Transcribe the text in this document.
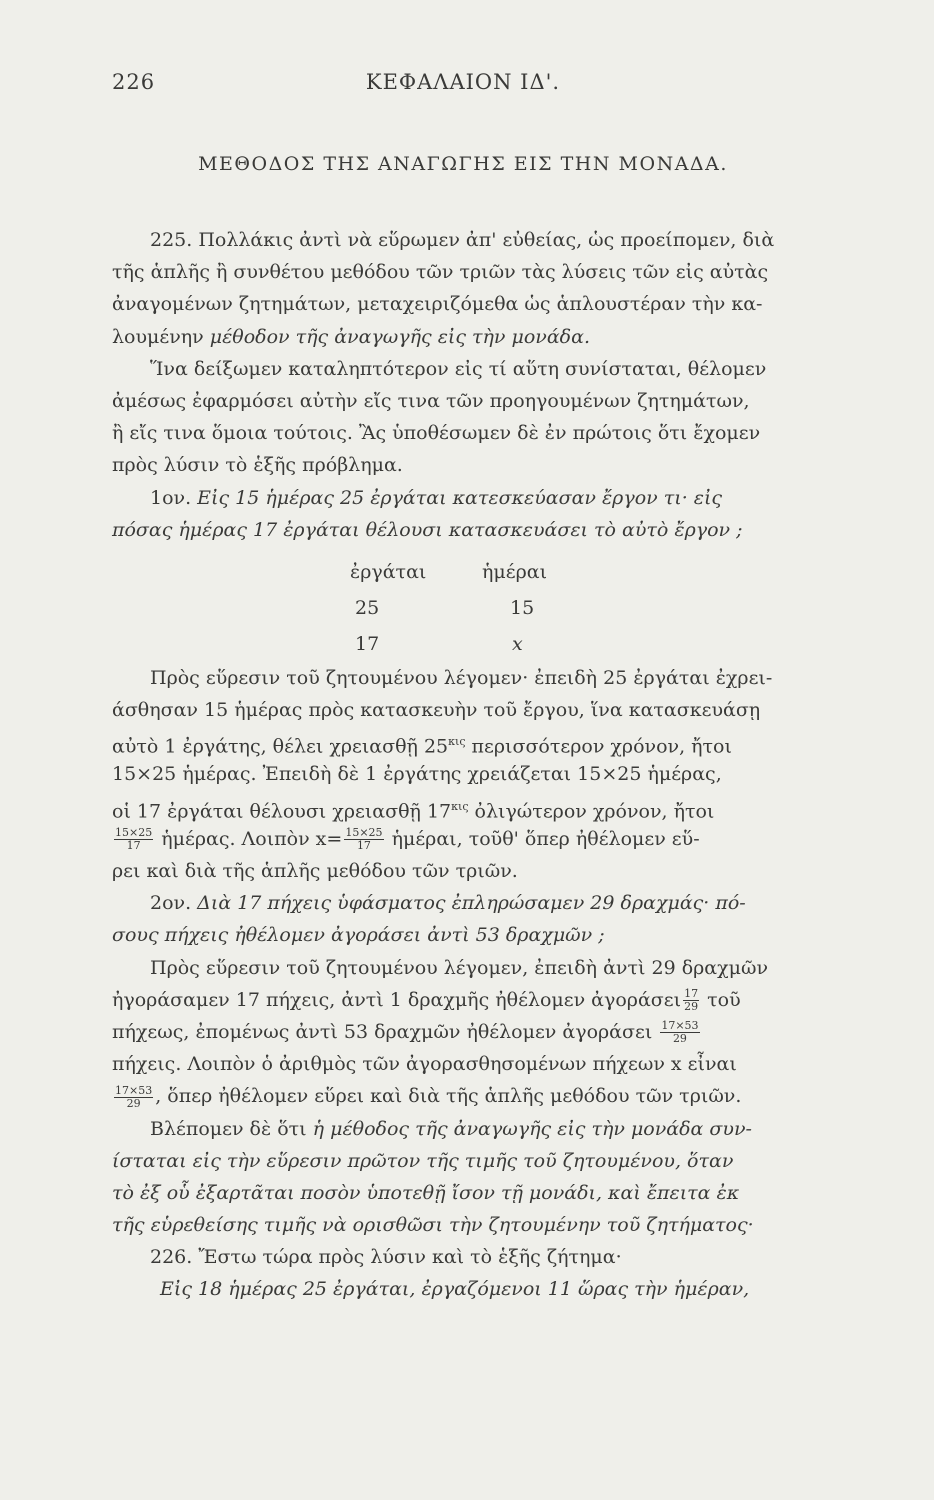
226	ΚΕΦΑΛΑΙΟΝ ΙΔ'.
ΜΕΘΟΔΟΣ ΤΗΣ ΑΝΑΓΩΓΗΣ ΕΙΣ ΤΗΝ ΜΟΝΑΔΑ.
225. Πολλάκις ἀντὶ νὰ εὕρωμεν ἀπ' εὐθείας, ὡς προείπομεν, διὰ
τῆς ἁπλῆς ἢ συνθέτου μεθόδου τῶν τριῶν τὰς λύσεις τῶν εἰς αὐτὰς
ἀναγομένων ζητημάτων, μεταχειριζόμεθα ὡς ἁπλουστέραν τὴν κα-
λουμένην μέθοδον τῆς ἀναγωγῆς εἰς τὴν μονάδα.
Ἵνα δείξωμεν καταληπτότερον εἰς τί αὕτη συνίσταται, θέλομεν
ἀμέσως ἐφαρμόσει αὐτὴν εἴς τινα τῶν προηγουμένων ζητημάτων,
ἢ εἴς τινα ὅμοια τούτοις. Ἂς ὑποθέσωμεν δὲ ἐν πρώτοις ὅτι ἔχομεν
πρὸς λύσιν τὸ ἑξῆς πρόβλημα.
1ον. Εἰς 15 ἡμέρας 25 ἐργάται κατεσκεύασαν ἔργον τι· εἰς
πόσας ἡμέρας 17 ἐργάται θέλουσι κατασκευάσει τὸ αὐτὸ ἔργον ;
ἐργάται	ἡμέραι
25	15
17	x
Πρὸς εὕρεσιν τοῦ ζητουμένου λέγομεν· ἐπειδὴ 25 ἐργάται ἐχρει-
άσθησαν 15 ἡμέρας πρὸς κατασκευὴν τοῦ ἔργου, ἵνα κατασκευάσῃ
αὐτὸ 1 ἐργάτης, θέλει χρειασθῇ $25^{\kappa\iota\varsigma}$ περισσότερον χρόνον, ἤτοι
15×25 ἡμέρας. Ἐπειδὴ δὲ 1 ἐργάτης χρειάζεται 15×25 ἡμέρας,
οἱ 17 ἐργάται θέλουσι χρειασθῇ $17^{\kappa\iota\varsigma}$ ὀλιγώτερον χρόνον, ἤτοι
$\frac{15\times 25}{17}$ ἡμέρας. Λοιπὸν $x= \frac{15\times 25}{17}$ ἡμέραι, τοῦθ' ὅπερ ἠθέλομεν εὕ-
ρει καὶ διὰ τῆς ἁπλῆς μεθόδου τῶν τριῶν.
2ον. Διὰ 17 πήχεις ὑφάσματος ἐπληρώσαμεν 29 δραχμάς· πό-
σους πήχεις ἠθέλομεν ἀγοράσει ἀντὶ 53 δραχμῶν ;
Πρὸς εὕρεσιν τοῦ ζητουμένου λέγομεν, ἐπειδὴ ἀντὶ 29 δραχμῶν
ἠγοράσαμεν 17 πήχεις, ἀντὶ 1 δραχμῆς ἠθέλομεν ἀγοράσει $\frac{17}{29}$ τοῦ
πήχεως, ἐπομένως ἀντὶ 53 δραχμῶν ἠθέλομεν ἀγοράσει $\frac{17\times 53}{29}$
πήχεις. Λοιπὸν ὁ ἀριθμὸς τῶν ἀγορασθησομένων πήχεων x εἶναι
$\frac{17\times 53}{29}$ , ὅπερ ἠθέλομεν εὕρει καὶ διὰ τῆς ἁπλῆς μεθόδου τῶν τριῶν.
Βλέπομεν δὲ ὅτι ἡ μέθοδος τῆς ἀναγωγῆς εἰς τὴν μονάδα συν-
ίσταται εἰς τὴν εὕρεσιν πρῶτον τῆς τιμῆς τοῦ ζητουμένου, ὅταν
τὸ ἐξ οὗ ἐξαρτᾶται ποσὸν ὑποτεθῇ ἴσον τῇ μονάδι, καὶ ἔπειτα ἐκ
τῆς εὑρεθείσης τιμῆς νὰ ορισθῶσι τὴν ζητουμένην τοῦ ζητήματος·
226. Ἔστω τώρα πρὸς λύσιν καὶ τὸ ἑξῆς ζήτημα·
Εἰς 18 ἡμέρας 25 ἐργάται, ἐργαζόμενοι 11 ὥρας τὴν ἡμέραν,
